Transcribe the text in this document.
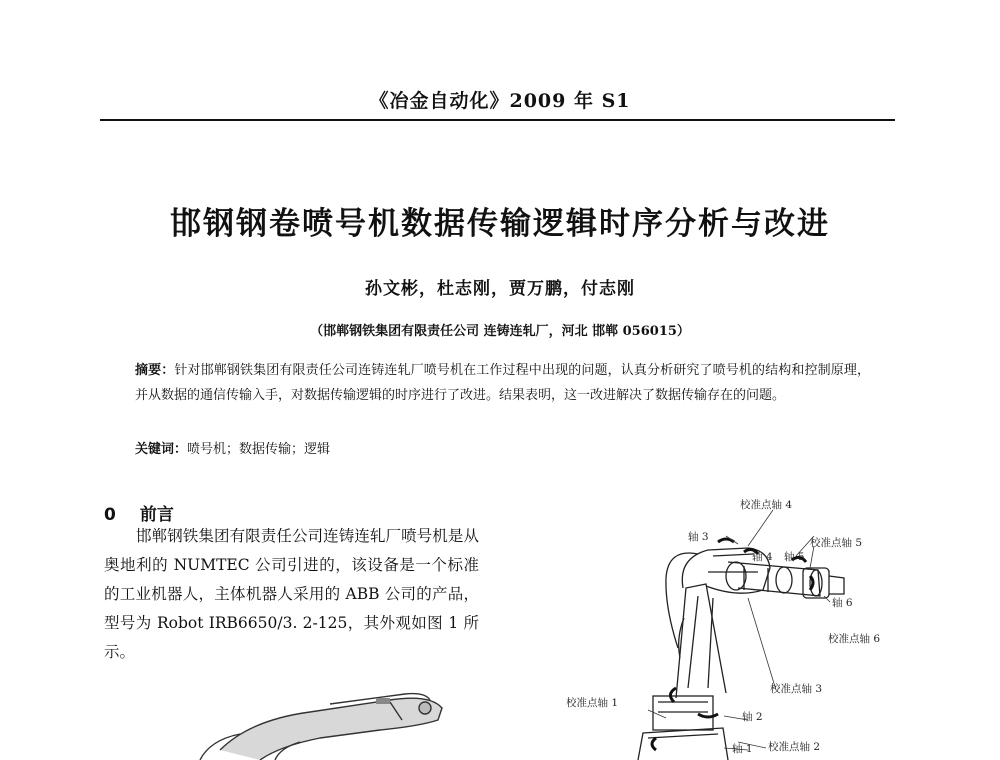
《冶金自动化》2009 年 S1
邯钢钢卷喷号机数据传输逻辑时序分析与改进
孙文彬，杜志刚，贾万鹏，付志刚
（邯郸钢铁集团有限责任公司 连铸连轧厂，河北 邯郸 056015）
摘要：针对邯郸钢铁集团有限责任公司连铸连轧厂喷号机在工作过程中出现的问题，认真分析研究了喷号机的结构和控制原理，并从数据的通信传输入手，对数据传输逻辑的时序进行了改进。结果表明，这一改进解决了数据传输存在的问题。
关键词：喷号机；数据传输；逻辑
0 前言
邯郸钢铁集团有限责任公司连铸连轧厂喷号机是从奥地利的 NUMTEC 公司引进的，该设备是一个标准的工业机器人，主体机器人采用的 ABB 公司的产品，型号为 Robot IRB6650/3. 2-125，其外观如图 1 所示。
校准点轴 4
轴 3
轴 4 轴 5
校准点轴 5
轴 6
校准点轴 6
校准点轴 3
校准点轴 1
轴 2
轴 1 校准点轴 2
